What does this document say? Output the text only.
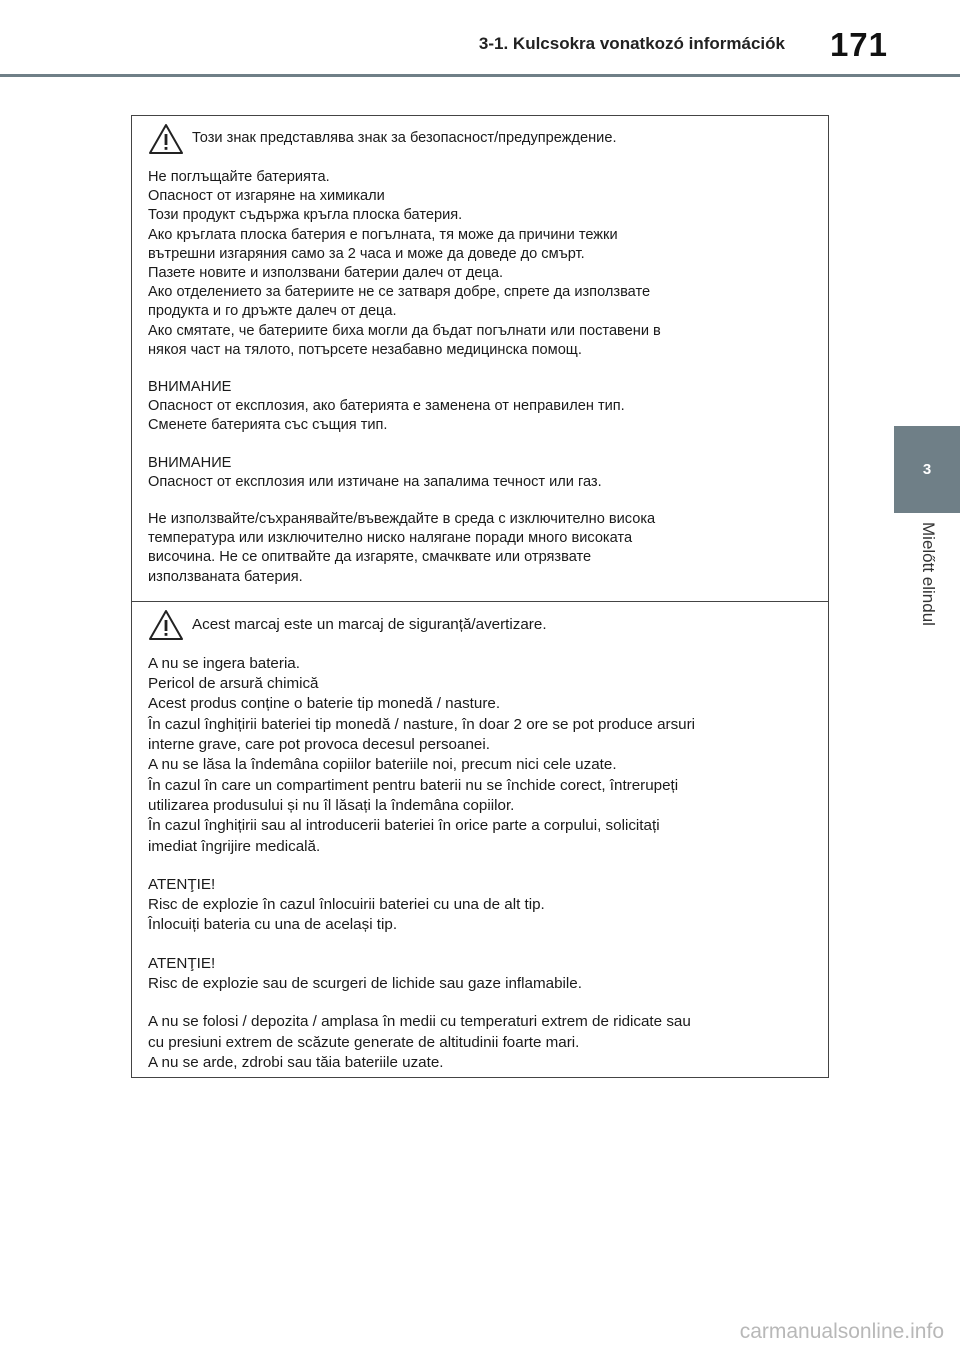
3-1. Kulcsokra vonatkozó információk 171
3
Mielőtt elindul
Този знак представлява знак за безопасност/предупреждение.
Не поглъщайте батерията.
Опасност от изгаряне на химикали
Този продукт съдържа кръгла плоска батерия.
Ако кръглата плоска батерия е погълната, тя може да причини тежки
вътрешни изгаряния само за 2 часа и може да доведе до смърт.
Пазете новите и използвани батерии далеч от деца.
Ако отделението за батериите не се затваря добре, спрете да използвате
продукта и го дръжте далеч от деца.
Ако смятате, че батериите биха могли да бъдат погълнати или поставени в
някоя част на тялото, потърсете незабавно медицинска помощ.
ВНИМАНИЕ
Опасност от експлозия, ако батерията е заменена от неправилен тип.
Сменете батерията със същия тип.
ВНИМАНИЕ
Опасност от експлозия или изтичане на запалима течност или газ.
Не използвайте/съхранявайте/въвеждайте в среда с изключително висока
температура или изключително ниско налягане поради много високата
височина. Не се опитвайте да изгаряте, смачквате или отрязвате
използваната батерия.
Acest marcaj este un marcaj de siguranță/avertizare.
A nu se ingera bateria.
Pericol de arsură chimică
Acest produs conține o baterie tip monedă / nasture.
În cazul înghițirii bateriei tip monedă / nasture, în doar 2 ore se pot produce arsuri
interne grave, care pot provoca decesul persoanei.
A nu se lăsa la îndemâna copiilor bateriile noi, precum nici cele uzate.
În cazul în care un compartiment pentru baterii nu se închide corect, întrerupeți
utilizarea produsului și nu îl lăsați la îndemâna copiilor.
În cazul înghițirii sau al introducerii bateriei în orice parte a corpului, solicitați
imediat îngrijire medicală.
ATENŢIE!
Risc de explozie în cazul înlocuirii bateriei cu una de alt tip.
Înlocuiți bateria cu una de același tip.
ATENŢIE!
Risc de explozie sau de scurgeri de lichide sau gaze inflamabile.
A nu se folosi / depozita / amplasa în medii cu temperaturi extrem de ridicate sau
cu presiuni extrem de scăzute generate de altitudinii foarte mari.
A nu se arde, zdrobi sau tăia bateriile uzate.
carmanualsonline.info
